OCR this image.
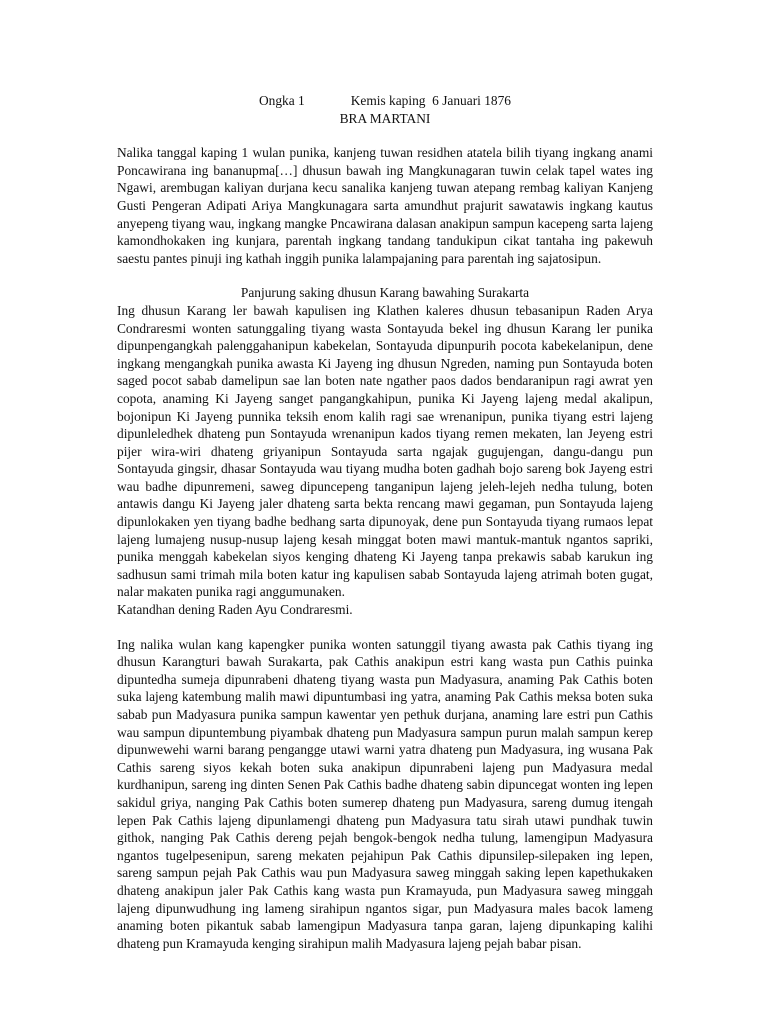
Ongka 1	Kemis kaping  6 Januari 1876
BRA MARTANI

Nalika tanggal kaping 1 wulan punika, kanjeng tuwan residhen atatela bilih tiyang ingkang anami Poncawirana ing bananupma[…] dhusun bawah ing Mangkunagaran tuwin celak tapel wates ing Ngawi, arembugan kaliyan durjana kecu sanalika kanjeng tuwan atepang rembag kaliyan Kanjeng Gusti Pengeran Adipati Ariya Mangkunagara sarta amundhut prajurit sawatawis ingkang kautus anyepeng tiyang wau, ingkang mangke Pncawirana dalasan anakipun sampun kacepeng sarta lajeng kamondhokaken ing kunjara, parentah ingkang tandang tandukipun cikat tantaha ing pakewuh saestu pantes pinuji ing kathah inggih punika lalampajaning para parentah ing sajatosipun.

Panjurung saking dhusun Karang bawahing Surakarta

Ing dhusun Karang ler bawah kapulisen ing Klathen kaleres dhusun tebasanipun Raden Arya Condraresmi wonten satunggaling tiyang wasta Sontayuda bekel ing dhusun Karang ler punika dipunpengangkah palenggahanipun kabekelan, Sontayuda dipunpurih pocota kabekelanipun, dene ingkang mengangkah punika awasta Ki Jayeng ing dhusun Ngreden, naming pun Sontayuda boten saged pocot sabab damelipun sae lan boten nate ngather paos dados bendaranipun ragi awrat yen copota, anaming Ki Jayeng sanget pangangkahipun, punika Ki Jayeng lajeng medal akalipun, bojonipun Ki Jayeng punnika teksih enom kalih ragi sae wrenanipun, punika tiyang estri lajeng dipunleledhek dhateng pun Sontayuda wrenanipun kados tiyang remen mekaten, lan Jeyeng estri pijer wira-wiri dhateng griyanipun Sontayuda sarta ngajak gugujengan, dangu-dangu pun Sontayuda gingsir, dhasar Sontayuda wau tiyang mudha boten gadhah bojo sareng bok Jayeng estri wau badhe dipunremeni, saweg dipuncepeng tanganipun lajeng jeleh-lejeh nedha tulung, boten antawis dangu Ki Jayeng jaler dhateng sarta bekta rencang mawi gegaman, pun Sontayuda lajeng dipunlokaken yen tiyang badhe bedhang sarta dipunoyak, dene pun Sontayuda tiyang rumaos lepat lajeng lumajeng nusup-nusup lajeng kesah minggat boten mawi mantuk-mantuk ngantos sapriki, punika menggah kabekelan siyos kenging dhateng Ki Jayeng tanpa prekawis sabab karukun ing sadhusun sami trimah mila boten katur ing kapulisen sabab Sontayuda lajeng atrimah boten gugat, nalar makaten punika ragi anggumunaken.

Katandhan dening Raden Ayu Condraresmi.

Ing nalika wulan kang kapengker punika wonten satunggil tiyang awasta pak Cathis tiyang ing dhusun Karangturi bawah Surakarta, pak Cathis anakipun estri kang wasta pun Cathis puinka dipuntedha sumeja dipunrabeni dhateng tiyang wasta pun Madyasura, anaming Pak Cathis boten suka lajeng katembung malih mawi dipuntumbasi ing yatra, anaming Pak Cathis meksa boten suka sabab pun Madyasura punika sampun kawentar yen pethuk durjana, anaming lare estri pun Cathis wau sampun dipuntembung piyambak dhateng pun Madyasura sampun purun malah sampun kerep dipunwewehi warni barang pengangge utawi warni yatra dhateng pun Madyasura, ing wusana Pak Cathis sareng siyos kekah boten suka anakipun dipunrabeni lajeng pun Madyasura medal kurdhanipun, sareng ing dinten Senen Pak Cathis badhe dhateng sabin dipuncegat wonten ing lepen sakidul griya, nanging Pak Cathis boten sumerep dhateng pun Madyasura, sareng dumug itengah lepen Pak Cathis lajeng dipunlamengi dhateng pun Madyasura tatu sirah utawi pundhak tuwin githok, nanging Pak Cathis dereng pejah bengok-bengok nedha tulung, lamengipun Madyasura ngantos tugelpesenipun, sareng mekaten pejahipun Pak Cathis dipunsilep-silepaken ing lepen, sareng sampun pejah Pak Cathis wau pun Madyasura saweg minggah saking lepen kapethukaken dhateng anakipun jaler Pak Cathis kang wasta pun Kramayuda, pun Madyasura saweg minggah lajeng dipunwudhung ing lameng sirahipun ngantos sigar, pun Madyasura males bacok lameng anaming boten pikantuk sabab lamengipun Madyasura tanpa garan, lajeng dipunkaping kalihi dhateng pun Kramayuda kenging sirahipun malih Madyasura lajeng pejah babar pisan.
